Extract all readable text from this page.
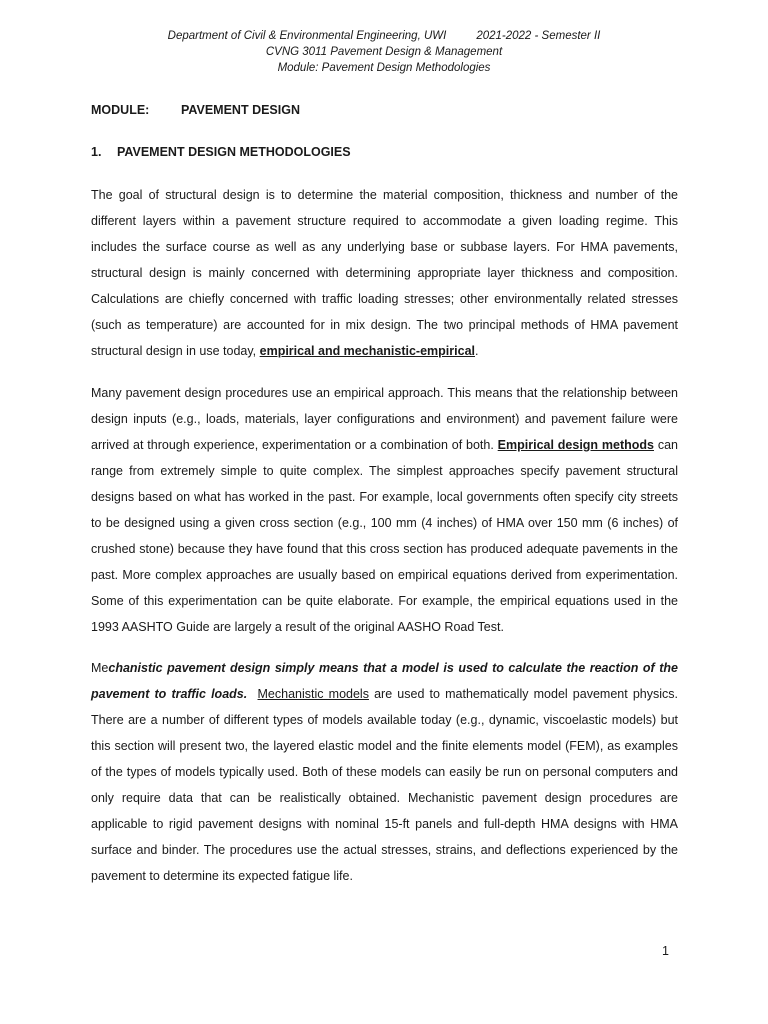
Department of Civil & Environmental Engineering, UWI	2021-2022 - Semester II
CVNG 3011 Pavement Design & Management
Module: Pavement Design Methodologies
MODULE:	PAVEMENT DESIGN
1. PAVEMENT DESIGN METHODOLOGIES

The goal of structural design is to determine the material composition, thickness and number of the different layers within a pavement structure required to accommodate a given loading regime. This includes the surface course as well as any underlying base or subbase layers. For HMA pavements, structural design is mainly concerned with determining appropriate layer thickness and composition. Calculations are chiefly concerned with traffic loading stresses; other environmentally related stresses (such as temperature) are accounted for in mix design. The two principal methods of HMA pavement structural design in use today, empirical and mechanistic-empirical.

Many pavement design procedures use an empirical approach. This means that the relationship between design inputs (e.g., loads, materials, layer configurations and environment) and pavement failure were arrived at through experience, experimentation or a combination of both. Empirical design methods can range from extremely simple to quite complex. The simplest approaches specify pavement structural designs based on what has worked in the past. For example, local governments often specify city streets to be designed using a given cross section (e.g., 100 mm (4 inches) of HMA over 150 mm (6 inches) of crushed stone) because they have found that this cross section has produced adequate pavements in the past. More complex approaches are usually based on empirical equations derived from experimentation. Some of this experimentation can be quite elaborate. For example, the empirical equations used in the 1993 AASHTO Guide are largely a result of the original AASHO Road Test.

Mechanistic pavement design simply means that a model is used to calculate the reaction of the pavement to traffic loads. Mechanistic models are used to mathematically model pavement physics. There are a number of different types of models available today (e.g., dynamic, viscoelastic models) but this section will present two, the layered elastic model and the finite elements model (FEM), as examples of the types of models typically used. Both of these models can easily be run on personal computers and only require data that can be realistically obtained. Mechanistic pavement design procedures are applicable to rigid pavement designs with nominal 15-ft panels and full-depth HMA designs with HMA surface and binder. The procedures use the actual stresses, strains, and deflections experienced by the pavement to determine its expected fatigue life.

1
